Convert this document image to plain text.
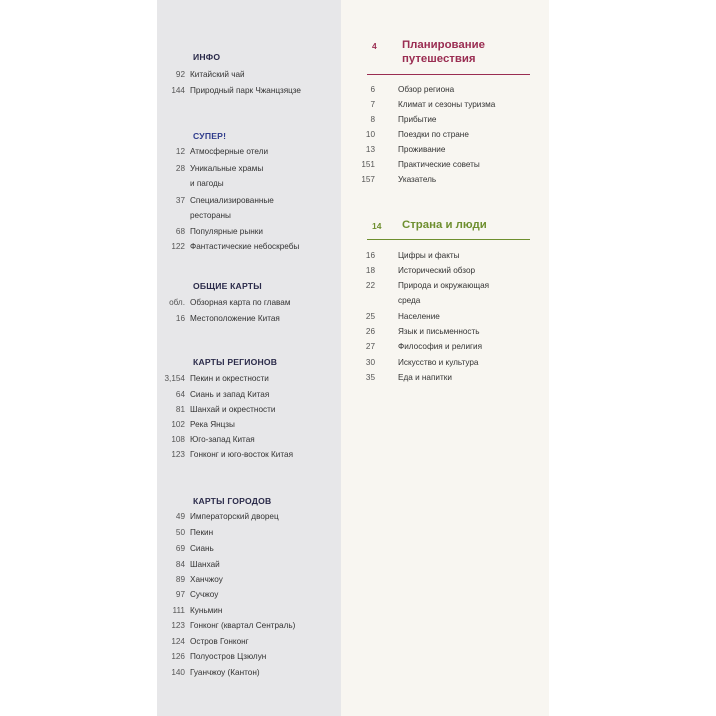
ИНФО
92 Китайский чай
144 Природный парк Чжанцзяцзе
СУПЕР!
12 Атмосферные отели
28 Уникальные храмы
и пагоды
37 Специализированные
рестораны
68 Популярные рынки
122 Фантастические небоскребы
ОБЩИЕ КАРТЫ
обл. Обзорная карта по главам
16 Местоположение Китая
КАРТЫ РЕГИОНОВ
3,154 Пекин и окрестности
64 Сиань и запад Китая
81 Шанхай и окрестности
102 Река Янцзы
108 Юго-запад Китая
123 Гонконг и юго-восток Китая
КАРТЫ ГОРОДОВ
49 Императорский дворец
50 Пекин
69 Сиань
84 Шанхай
89 Ханчжоу
97 Сучжоу
111 Куньмин
123 Гонконг (квартал Сентраль)
124 Остров Гонконг
126 Полуостров Цзюлун
140 Гуанчжоу (Кантон)
4 Планирование
путешествия
6	Обзор региона
7	Климат и сезоны туризма
8	Прибытие
10	Поездки по стране
13	Проживание
151	Практические советы
157	Указатель
14 Страна и люди
16	Цифры и факты
18	Исторический обзор
22	Природа и окружающая
среда
25	Население
26	Язык и письменность
27	Философия и религия
30	Искусство и культура
35	Еда и напитки
